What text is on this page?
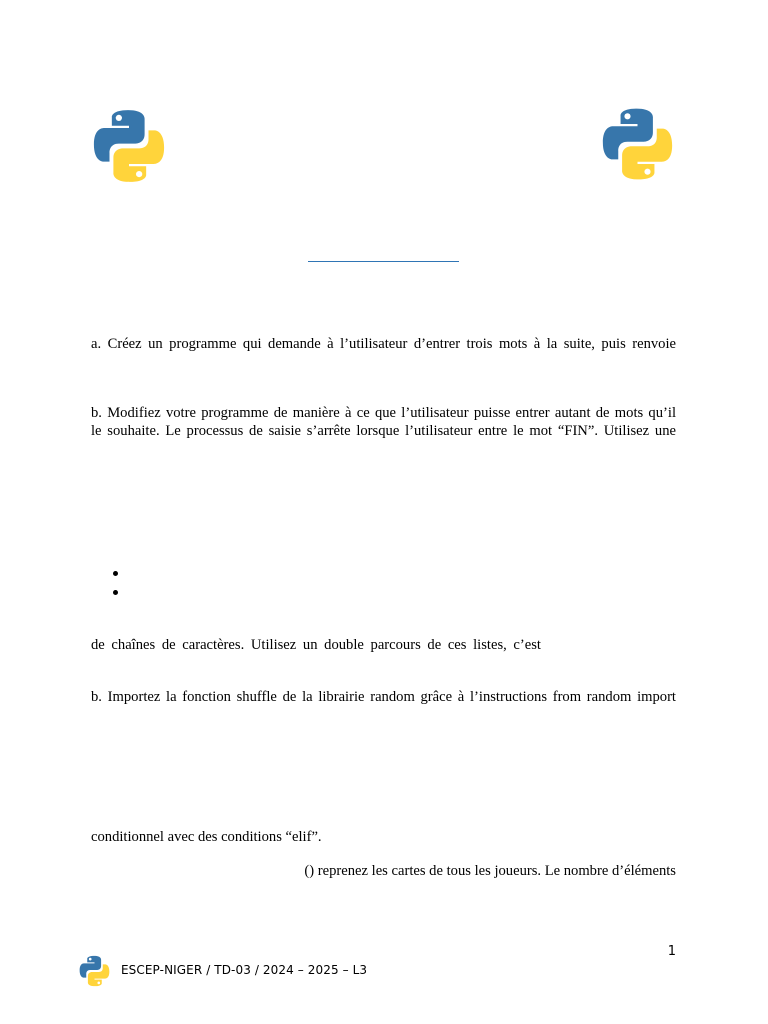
a. Créez un programme qui demande à l’utilisateur d’entrer trois mots à la suite, puis renvoie
b. Modifiez votre programme de manière à ce que l’utilisateur puisse entrer autant de mots qu’il
le souhaite. Le processus de saisie s’arrête lorsque l’utilisateur entre le mot “FIN”. Utilisez une
de chaînes de caractères. Utilisez un double parcours de ces listes, c’est
b. Importez la fonction shuffle de la librairie random grâce à l’instructions from random import
conditionnel avec des conditions “elif”.
() reprenez les cartes de tous les joueurs. Le nombre d’éléments
1
ESCEP-NIGER / TD-03 / 2024 – 2025 – L3
